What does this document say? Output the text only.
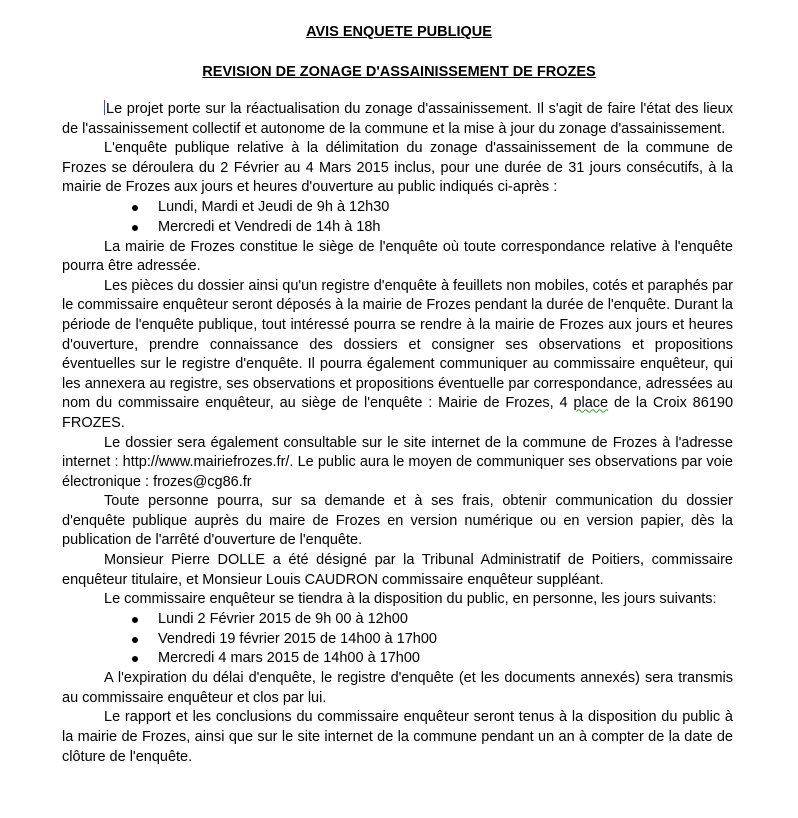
AVIS ENQUETE PUBLIQUE

REVISION DE ZONAGE D'ASSAINISSEMENT DE FROZES

Le projet porte sur la réactualisation du zonage d'assainissement. Il s'agit de faire l'état des lieux de l'assainissement collectif et autonome de la commune et la mise à jour du zonage d'assainissement.

L'enquête publique relative à la délimitation du zonage d'assainissement de la commune de Frozes se déroulera du 2 Février au 4 Mars 2015 inclus, pour une durée de 31 jours consécutifs, à la mairie de Frozes aux jours et heures d'ouverture au public indiqués ci-après :

Lundi, Mardi et Jeudi de 9h à 12h30
Mercredi et Vendredi de 14h à 18h

La mairie de Frozes constitue le siège de l'enquête où toute correspondance relative à l'enquête pourra être adressée.

Les pièces du dossier ainsi qu'un registre d'enquête à feuillets non mobiles, cotés et paraphés par le commissaire enquêteur seront déposés à la mairie de Frozes pendant la durée de l'enquête. Durant la période de l'enquête publique, tout intéressé pourra se rendre à la mairie de Frozes aux jours et heures d'ouverture, prendre connaissance des dossiers et consigner ses observations et propositions éventuelles sur le registre d'enquête. Il pourra également communiquer au commissaire enquêteur, qui les annexera au registre, ses observations et propositions éventuelle par correspondance, adressées au nom du commissaire enquêteur, au siège de l'enquête : Mairie de Frozes, 4 place de la Croix 86190 FROZES.

Le dossier sera également consultable sur le site internet de la commune de Frozes à l'adresse internet : http://www.mairiefrozes.fr/. Le public aura le moyen de communiquer ses observations par voie électronique : frozes@cg86.fr

Toute personne pourra, sur sa demande et à ses frais, obtenir communication du dossier d'enquête publique auprès du maire de Frozes en version numérique ou en version papier, dès la publication de l'arrêté d'ouverture de l'enquête.

Monsieur Pierre DOLLE a été désigné par la Tribunal Administratif de Poitiers, commissaire enquêteur titulaire, et Monsieur Louis CAUDRON commissaire enquêteur suppléant.

Le commissaire enquêteur se tiendra à la disposition du public, en personne, les jours suivants:

Lundi 2 Février 2015 de 9h 00 à 12h00
Vendredi 19 février 2015 de 14h00 à 17h00
Mercredi 4 mars 2015 de 14h00 à 17h00

A l'expiration du délai d'enquête, le registre d'enquête (et les documents annexés) sera transmis au commissaire enquêteur et clos par lui.

Le rapport et les conclusions du commissaire enquêteur seront tenus à la disposition du public à la mairie de Frozes, ainsi que sur le site internet de la commune pendant un an à compter de la date de clôture de l'enquête.
